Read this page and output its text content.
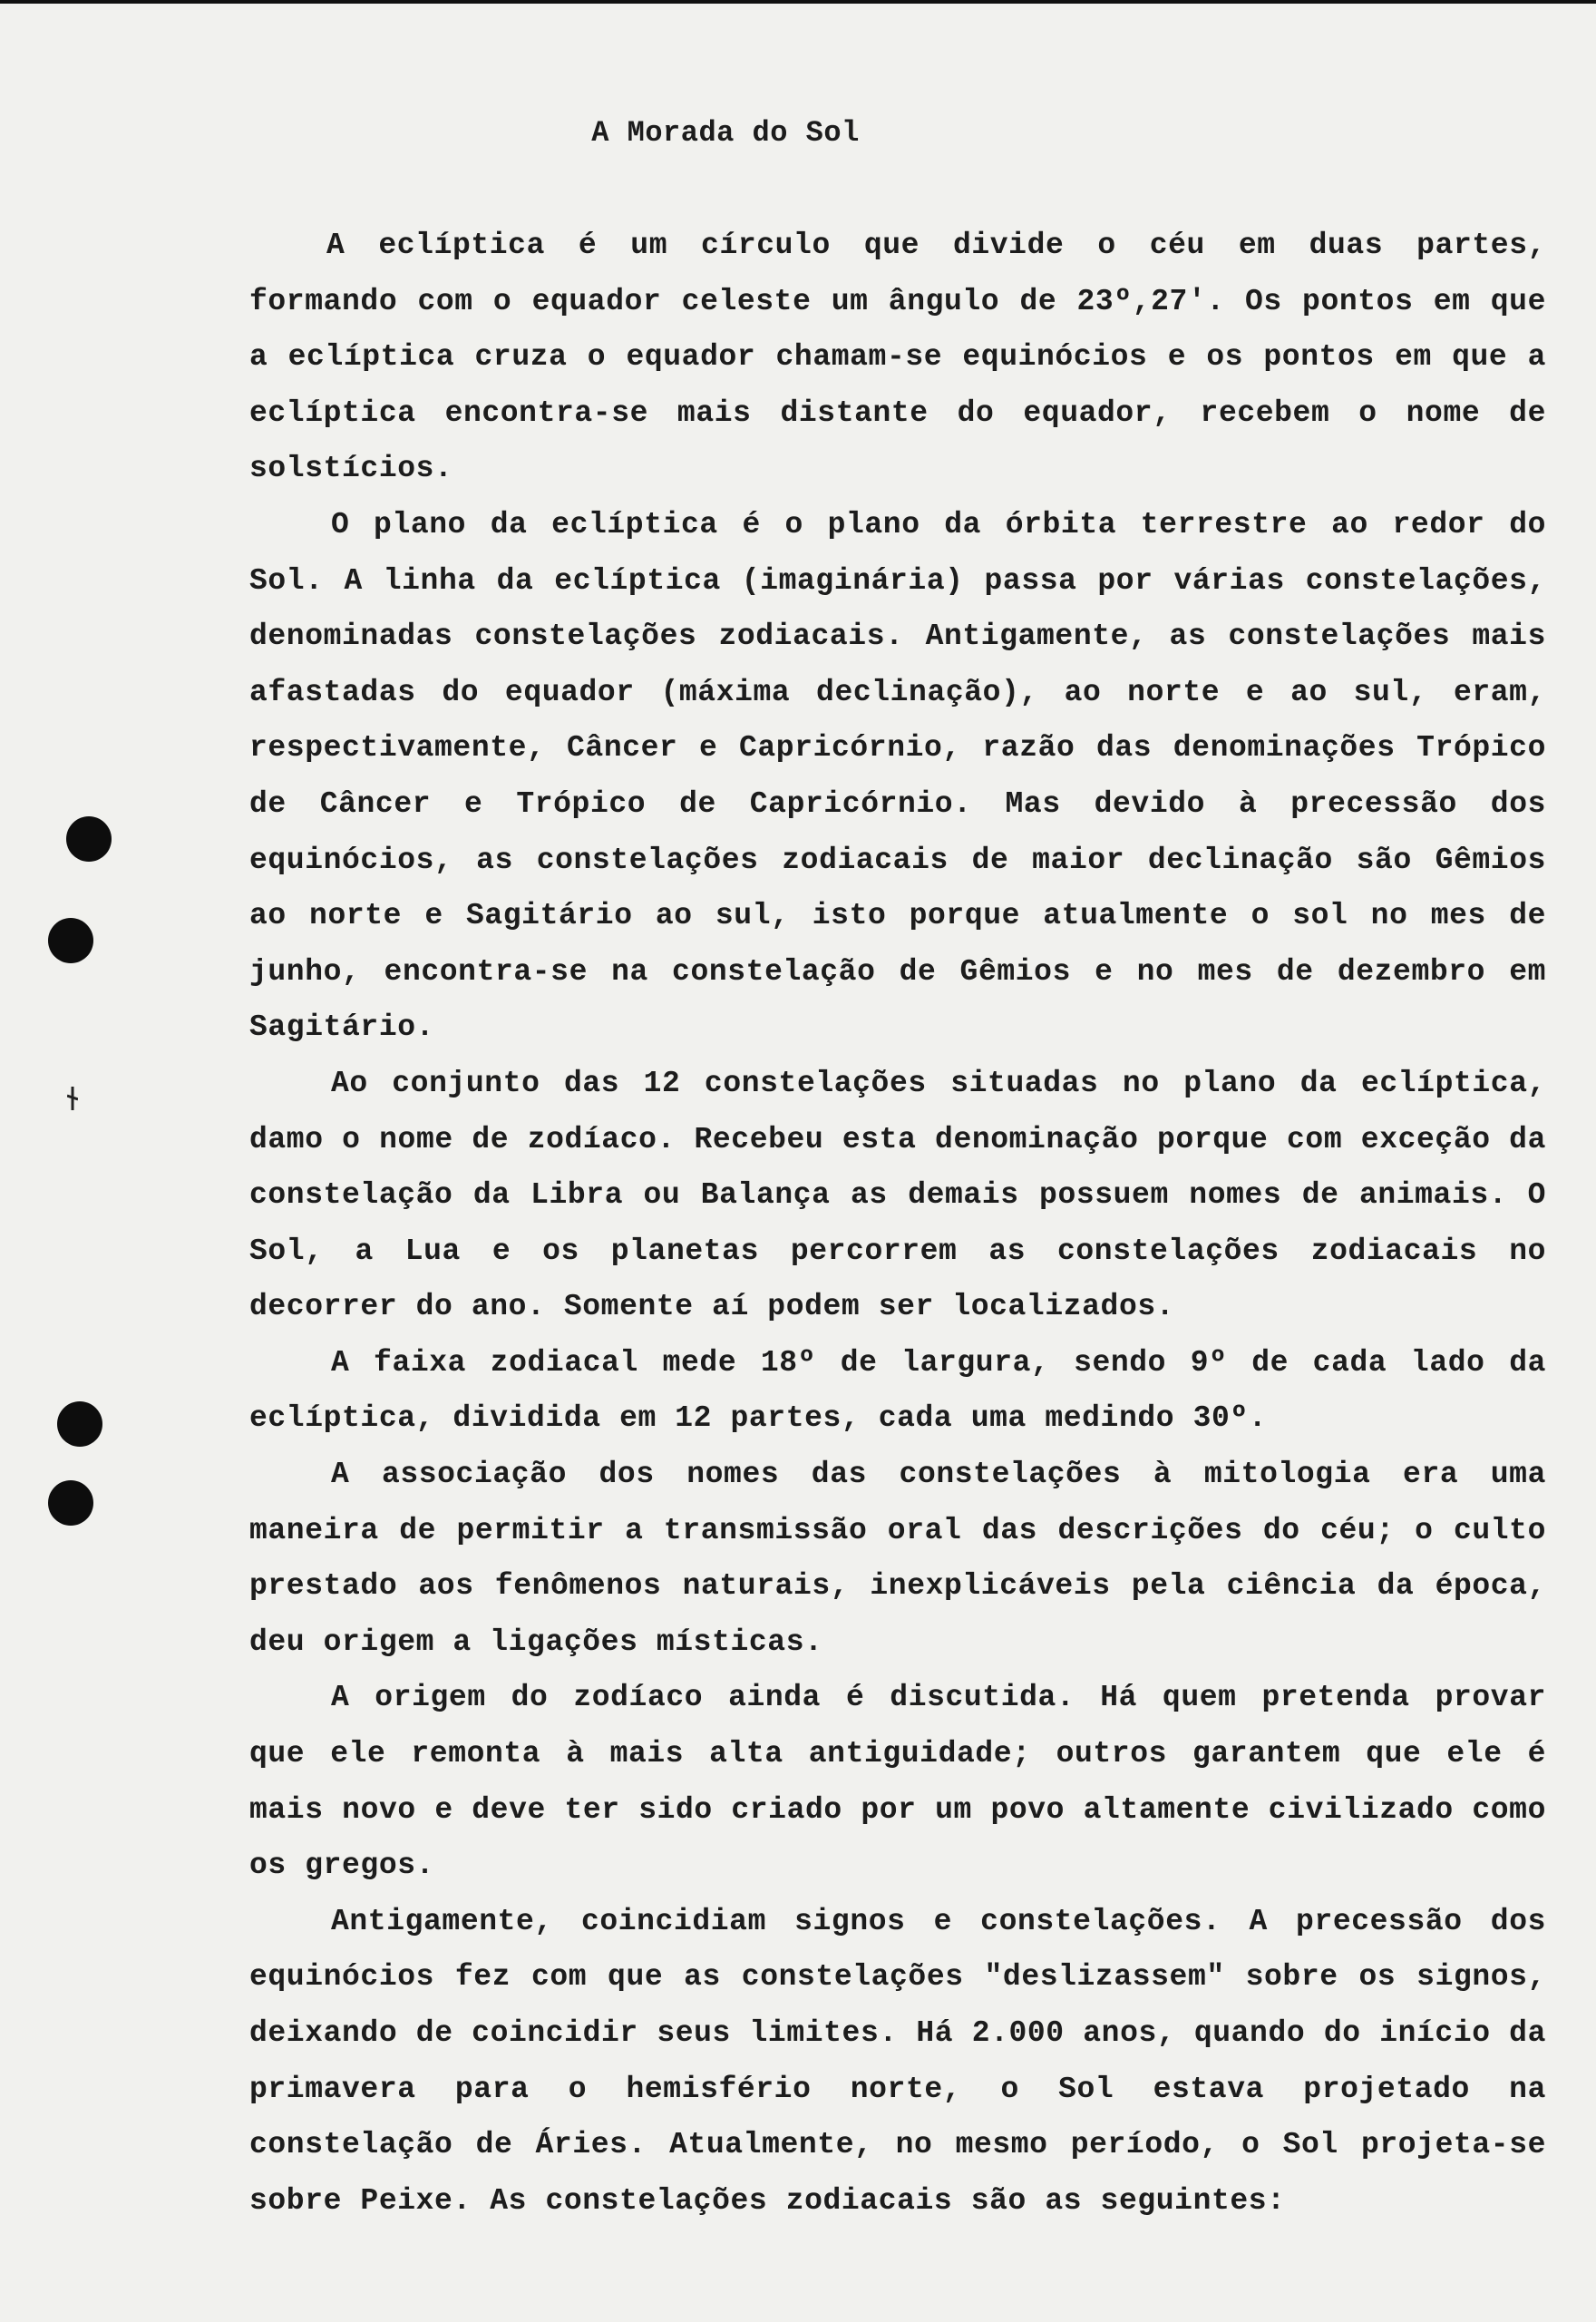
A Morada do Sol

A eclíptica é um círculo que divide o céu em duas partes, formando com o equador celeste um ângulo de 23º,27'. Os pontos em que a eclíptica cruza o equador chamam-se equinócios e os pontos em que a eclíptica encontra-se mais distante do equador, recebem o nome de solstícios.

O plano da eclíptica é o plano da órbita terrestre ao redor do Sol. A linha da eclíptica (imaginária) passa por várias constelações, denominadas constelações zodiacais. Antigamente, as constelações mais afastadas do equador (máxima declinação), ao norte e ao sul, eram, respectivamente, Câncer e Capricórnio, razão das denominações Trópico de Câncer e Trópico de Capricórnio. Mas devido à precessão dos equinócios, as constelações zodiacais de maior declinação são Gêmios ao norte e Sagitário ao sul, isto porque atualmente o sol no mes de junho, encontra-se na constelação de Gêmios e no mes de dezembro em Sagitário.

Ao conjunto das 12 constelações situadas no plano da eclíptica, damo o nome de zodíaco. Recebeu esta denominação porque com exceção da constelação da Libra ou Balança as demais possuem nomes de animais. O Sol, a Lua e os planetas percorrem as constelações zodiacais no decorrer do ano. Somente aí podem ser localizados.

A faixa zodiacal mede 18º de largura, sendo 9º de cada lado da eclíptica, dividida em 12 partes, cada uma medindo 30º.

A associação dos nomes das constelações à mitologia era uma maneira de permitir a transmissão oral das descrições do céu; o culto prestado aos fenômenos naturais, inexplicáveis pela ciência da época, deu origem a ligações místicas.

A origem do zodíaco ainda é discutida. Há quem pretenda provar que ele remonta à mais alta antiguidade; outros garantem que ele é mais novo e deve ter sido criado por um povo altamente civilizado como os gregos.

Antigamente, coincidiam signos e constelações. A precessão dos equinócios fez com que as constelações "deslizassem" sobre os signos, deixando de coincidir seus limites. Há 2.000 anos, quando do início da primavera para o hemisfério norte, o Sol estava projetado na constelação de Áries. Atualmente, no mesmo período, o Sol projeta-se sobre Peixe. As constelações zodiacais são as seguintes:
